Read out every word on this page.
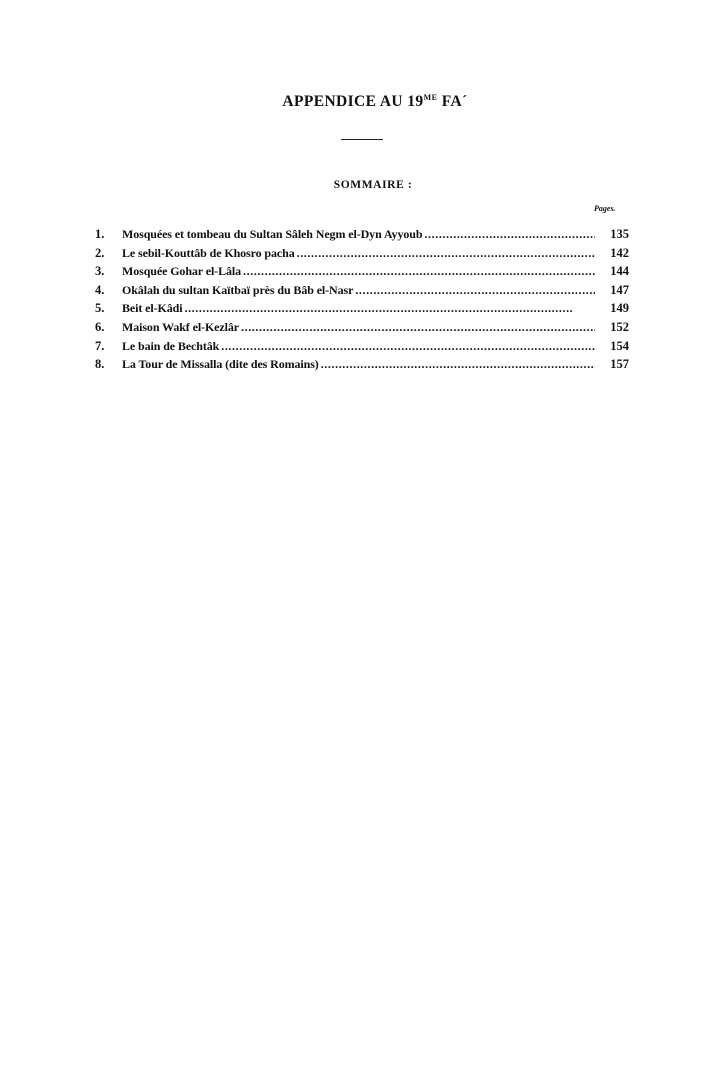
APPENDICE AU $19^{ME}$ FA´
SOMMAIRE :
Pages.
1.	Mosquées et tombeau du Sultan Sâleh Negm el-Dyn Ayyoub . . .	135
2.	Le sebil-Kouttâb de Khosro pacha . . .	142
3.	Mosquée Gohar el-Lâla . . .	144
4.	Okâlah du sultan Kaïtbaï près du Bâb el-Nasr . . .	147
5.	Beit el-Kâdi . . .	149
6.	Maison Wakf el-Kezlâr . . .	152
7.	Le bain de Bechtâk . . .	154
8.	La Tour de Missalla (dite des Romains) . . .	157
